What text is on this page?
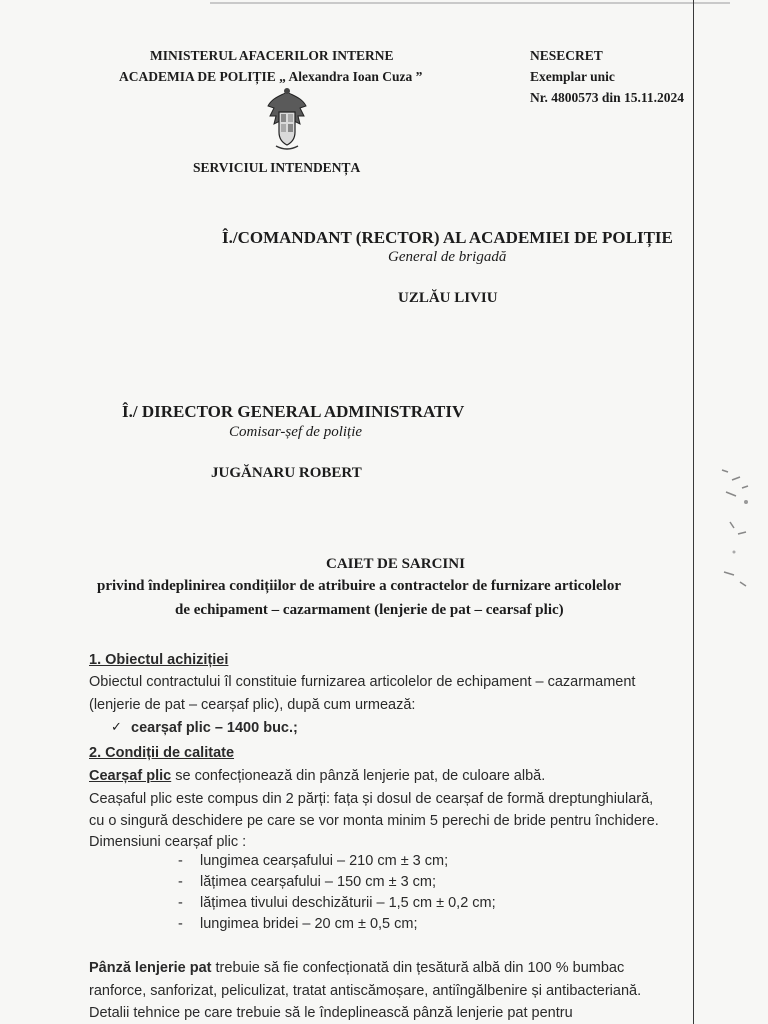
MINISTERUL AFACERILOR INTERNE
ACADEMIA DE POLIȚIE „ Alexandra Ioan Cuza ”
NESECRET
Exemplar unic
Nr. 4800573 din 15.11.2024
SERVICIUL INTENDENȚA
Î./COMANDANT (RECTOR) AL ACADEMIEI DE POLIȚIE
General de brigadă
UZLĂU LIVIU
Î./ DIRECTOR GENERAL ADMINISTRATIV
Comisar-șef de poliție
JUGĂNARU ROBERT
CAIET DE SARCINI
privind îndeplinirea condițiilor de atribuire a contractelor de furnizare articolelor
de echipament – cazarmament (lenjerie de pat – cearsaf plic)
1. Obiectul achiziției
Obiectul contractului îl constituie furnizarea articolelor de echipament – cazarmament
(lenjerie de pat – cearșaf plic), după cum urmează:
✓ cearșaf plic – 1400 buc.;
2. Condiții de calitate
Cearșaf plic se confecționează din pânză lenjerie pat, de culoare albă.
Ceașaful plic este compus din 2 părți: fața și dosul de cearșaf de formă dreptunghiulară,
cu o singură deschidere pe care se vor monta minim 5 perechi de bride pentru închidere.
Dimensiuni cearșaf plic :
- lungimea cearșafului – 210 cm ± 3 cm;
- lățimea cearșafului – 150 cm ± 3 cm;
- lățimea tivului deschizăturii – 1,5 cm ± 0,2 cm;
- lungimea bridei – 20 cm ± 0,5 cm;
Pânză lenjerie pat trebuie să fie confecționată din țesătură albă din 100 % bumbac
ranforce, sanforizat, peliculizat, tratat antiscămoșare, antiîngălbenire și antibacteriană.
Detalii tehnice pe care trebuie să le îndeplinească pânză lenjerie pat pentru
